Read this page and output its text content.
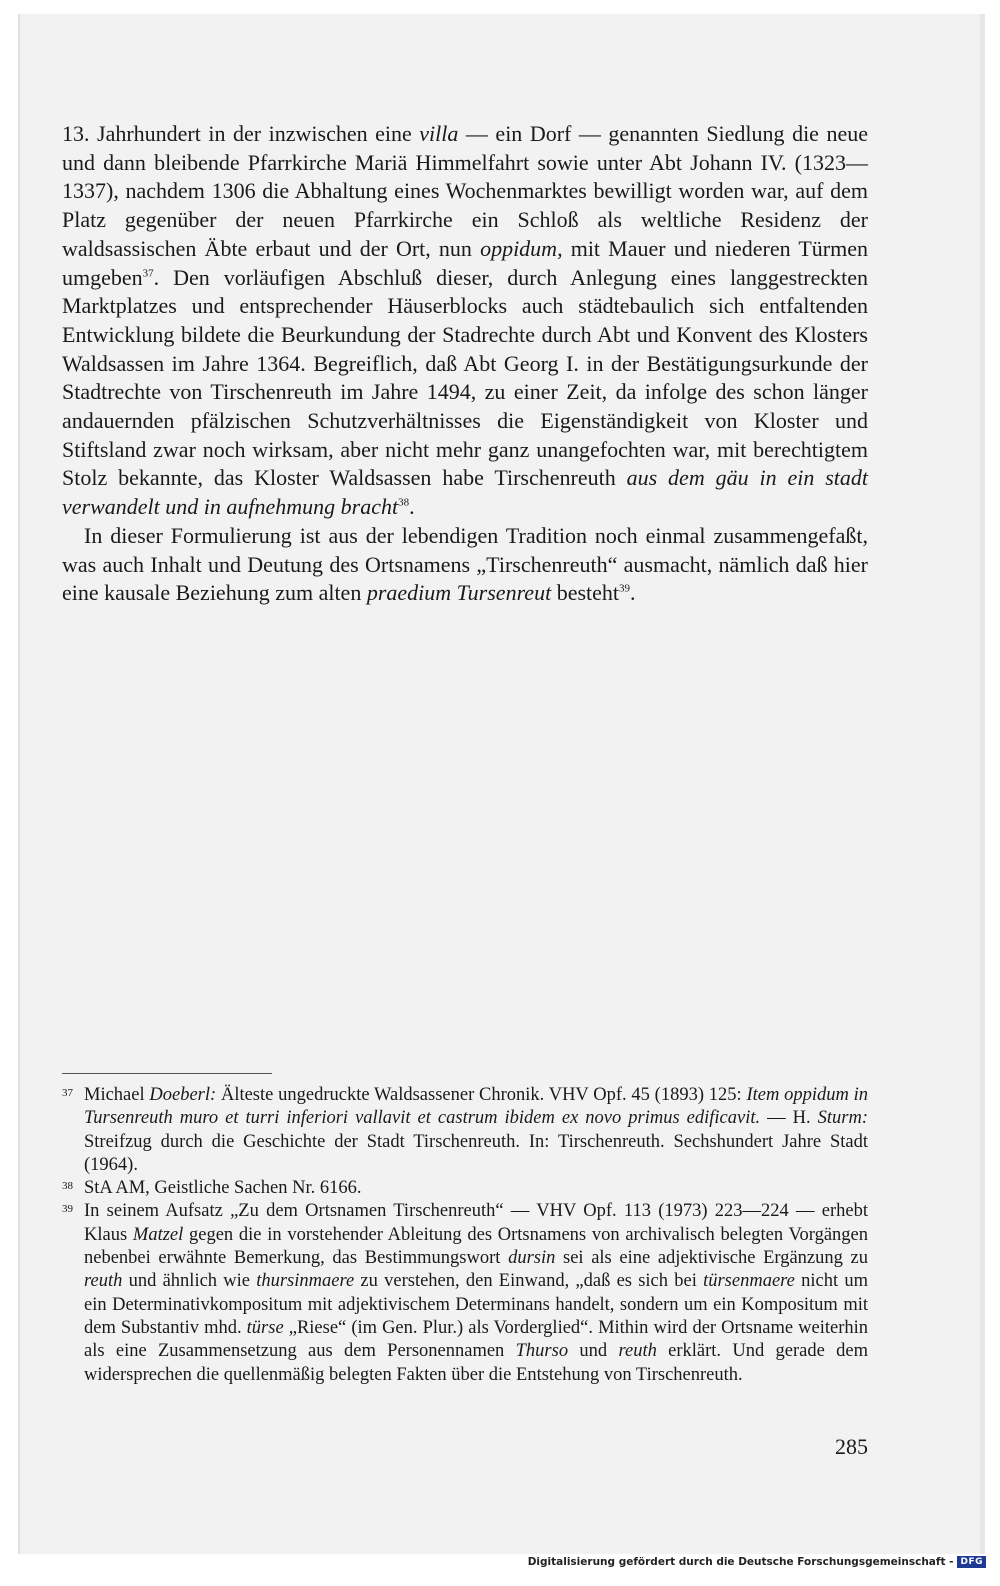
13. Jahrhundert in der inzwischen eine villa — ein Dorf — genannten Siedlung die neue und dann bleibende Pfarrkirche Mariä Himmelfahrt sowie unter Abt Johann IV. (1323—1337), nachdem 1306 die Abhaltung eines Wochenmarktes bewilligt worden war, auf dem Platz gegenüber der neuen Pfarrkirche ein Schloß als weltliche Residenz der waldsassischen Äbte erbaut und der Ort, nun oppidum, mit Mauer und niederen Türmen umgeben$^{37}$. Den vorläufigen Abschluß dieser, durch Anlegung eines langgestreckten Marktplatzes und entsprechender Häuserblocks auch städtebaulich sich entfaltenden Entwicklung bildete die Beurkundung der Stadrechte durch Abt und Konvent des Klosters Waldsassen im Jahre 1364. Begreiflich, daß Abt Georg I. in der Bestätigungsurkunde der Stadtrechte von Tirschenreuth im Jahre 1494, zu einer Zeit, da infolge des schon länger andauernden pfälzischen Schutzverhältnisses die Eigenständigkeit von Kloster und Stiftsland zwar noch wirksam, aber nicht mehr ganz unangefochten war, mit berechtigtem Stolz bekannte, das Kloster Waldsassen habe Tirschenreuth aus dem gäu in ein stadt verwandelt und in aufnehmung bracht$^{38}$.

In dieser Formulierung ist aus der lebendigen Tradition noch einmal zusammengefaßt, was auch Inhalt und Deutung des Ortsnamens „Tirschenreuth“ ausmacht, nämlich daß hier eine kausale Beziehung zum alten praedium Tursenreut besteht$^{39}$.

37 Michael Doeberl: Älteste ungedruckte Waldsassener Chronik. VHV Opf. 45 (1893) 125: Item oppidum in Tursenreuth muro et turri inferiori vallavit et castrum ibidem ex novo primus edificavit. — H. Sturm: Streifzug durch die Geschichte der Stadt Tirschenreuth. In: Tirschenreuth. Sechshundert Jahre Stadt (1964).
38 StA AM, Geistliche Sachen Nr. 6166.
39 In seinem Aufsatz „Zu dem Ortsnamen Tirschenreuth“ — VHV Opf. 113 (1973) 223—224 — erhebt Klaus Matzel gegen die in vorstehender Ableitung des Ortsnamens von archivalisch belegten Vorgängen nebenbei erwähnte Bemerkung, das Bestimmungswort dursin sei als eine adjektivische Ergänzung zu reuth und ähnlich wie thursinmaere zu verstehen, den Einwand, „daß es sich bei türsenmaere nicht um ein Determinativkompositum mit adjektivischem Determinans handelt, sondern um ein Kompositum mit dem Substantiv mhd. türse „Riese“ (im Gen. Plur.) als Vorderglied“. Mithin wird der Ortsname weiterhin als eine Zusammensetzung aus dem Personennamen Thurso und reuth erklärt. Und gerade dem widersprechen die quellenmäßig belegten Fakten über die Entstehung von Tirschenreuth.
285
Digitalisierung gefördert durch die Deutsche Forschungsgemeinschaft - DFG
